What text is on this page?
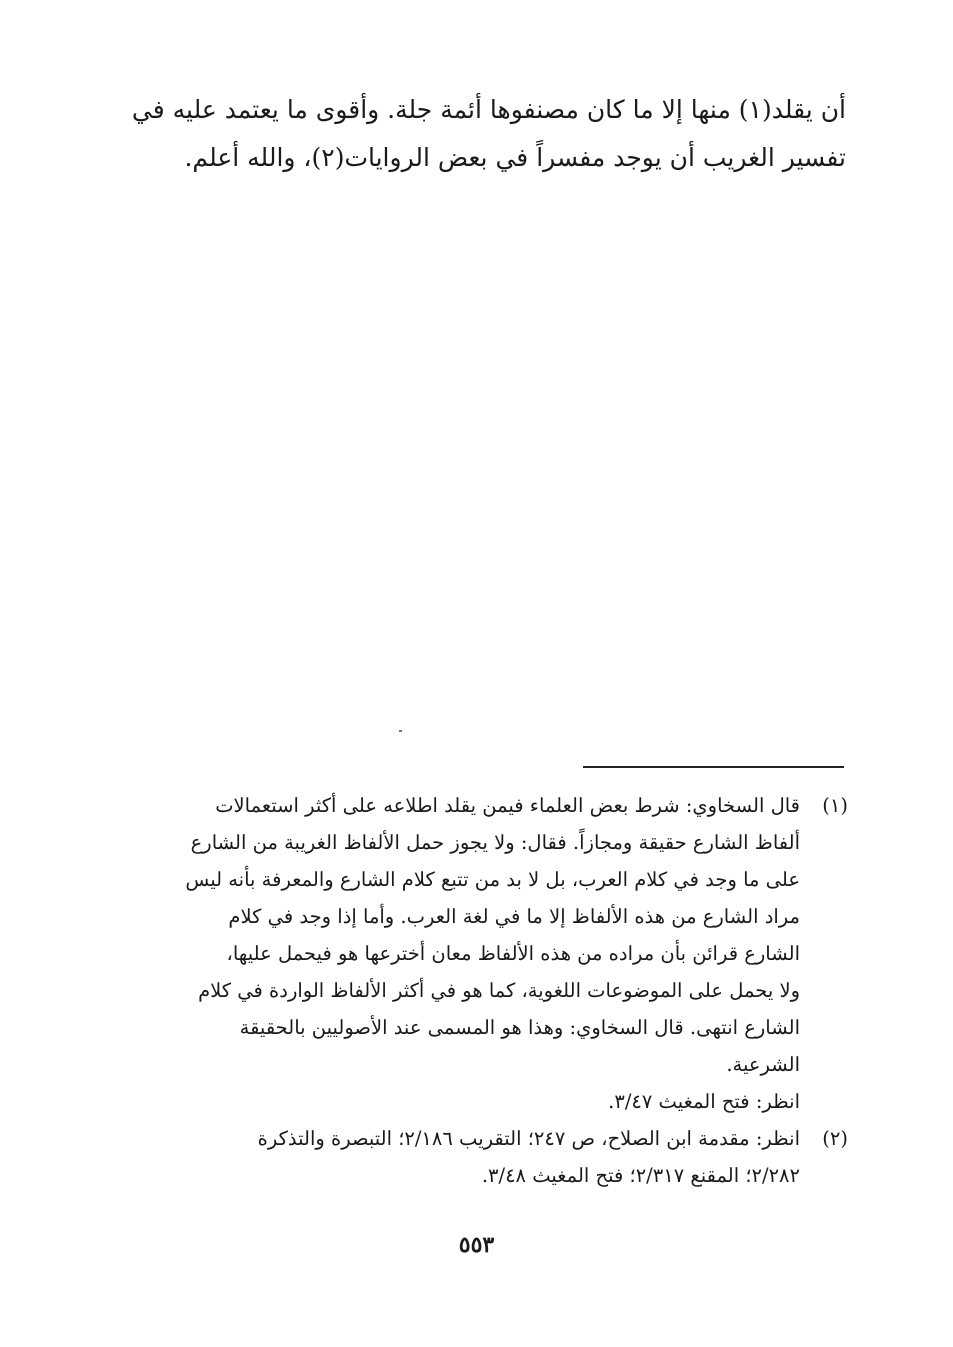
أن يقلد(١) منها إلا ما كان مصنفوها أئمة جلة. وأقوى ما يعتمد عليه في
تفسير الغريب أن يوجد مفسراً في بعض الروايات(٢)، والله أعلم.
(١)
قال السخاوي: شرط بعض العلماء فيمن يقلد اطلاعه على أكثر استعمالات
ألفاظ الشارع حقيقة ومجازاً. فقال: ولا يجوز حمل الألفاظ الغريبة من الشارع
على ما وجد في كلام العرب، بل لا بد من تتبع كلام الشارع والمعرفة بأنه ليس
مراد الشارع من هذه الألفاظ إلا ما في لغة العرب. وأما إذا وجد في كلام
الشارع قرائن بأن مراده من هذه الألفاظ معان أخترعها هو فيحمل عليها،
ولا يحمل على الموضوعات اللغوية، كما هو في أكثر الألفاظ الواردة في كلام
الشارع انتهى. قال السخاوي: وهذا هو المسمى عند الأصوليين بالحقيقة
الشرعية.
انظر: فتح المغيث ٣/٤٧.
(٢)
انظر: مقدمة ابن الصلاح، ص ٢٤٧؛ التقريب ٢/١٨٦؛ التبصرة والتذكرة
٢/٢٨٢؛ المقنع ٢/٣١٧؛ فتح المغيث ٣/٤٨.
٥٥٣
